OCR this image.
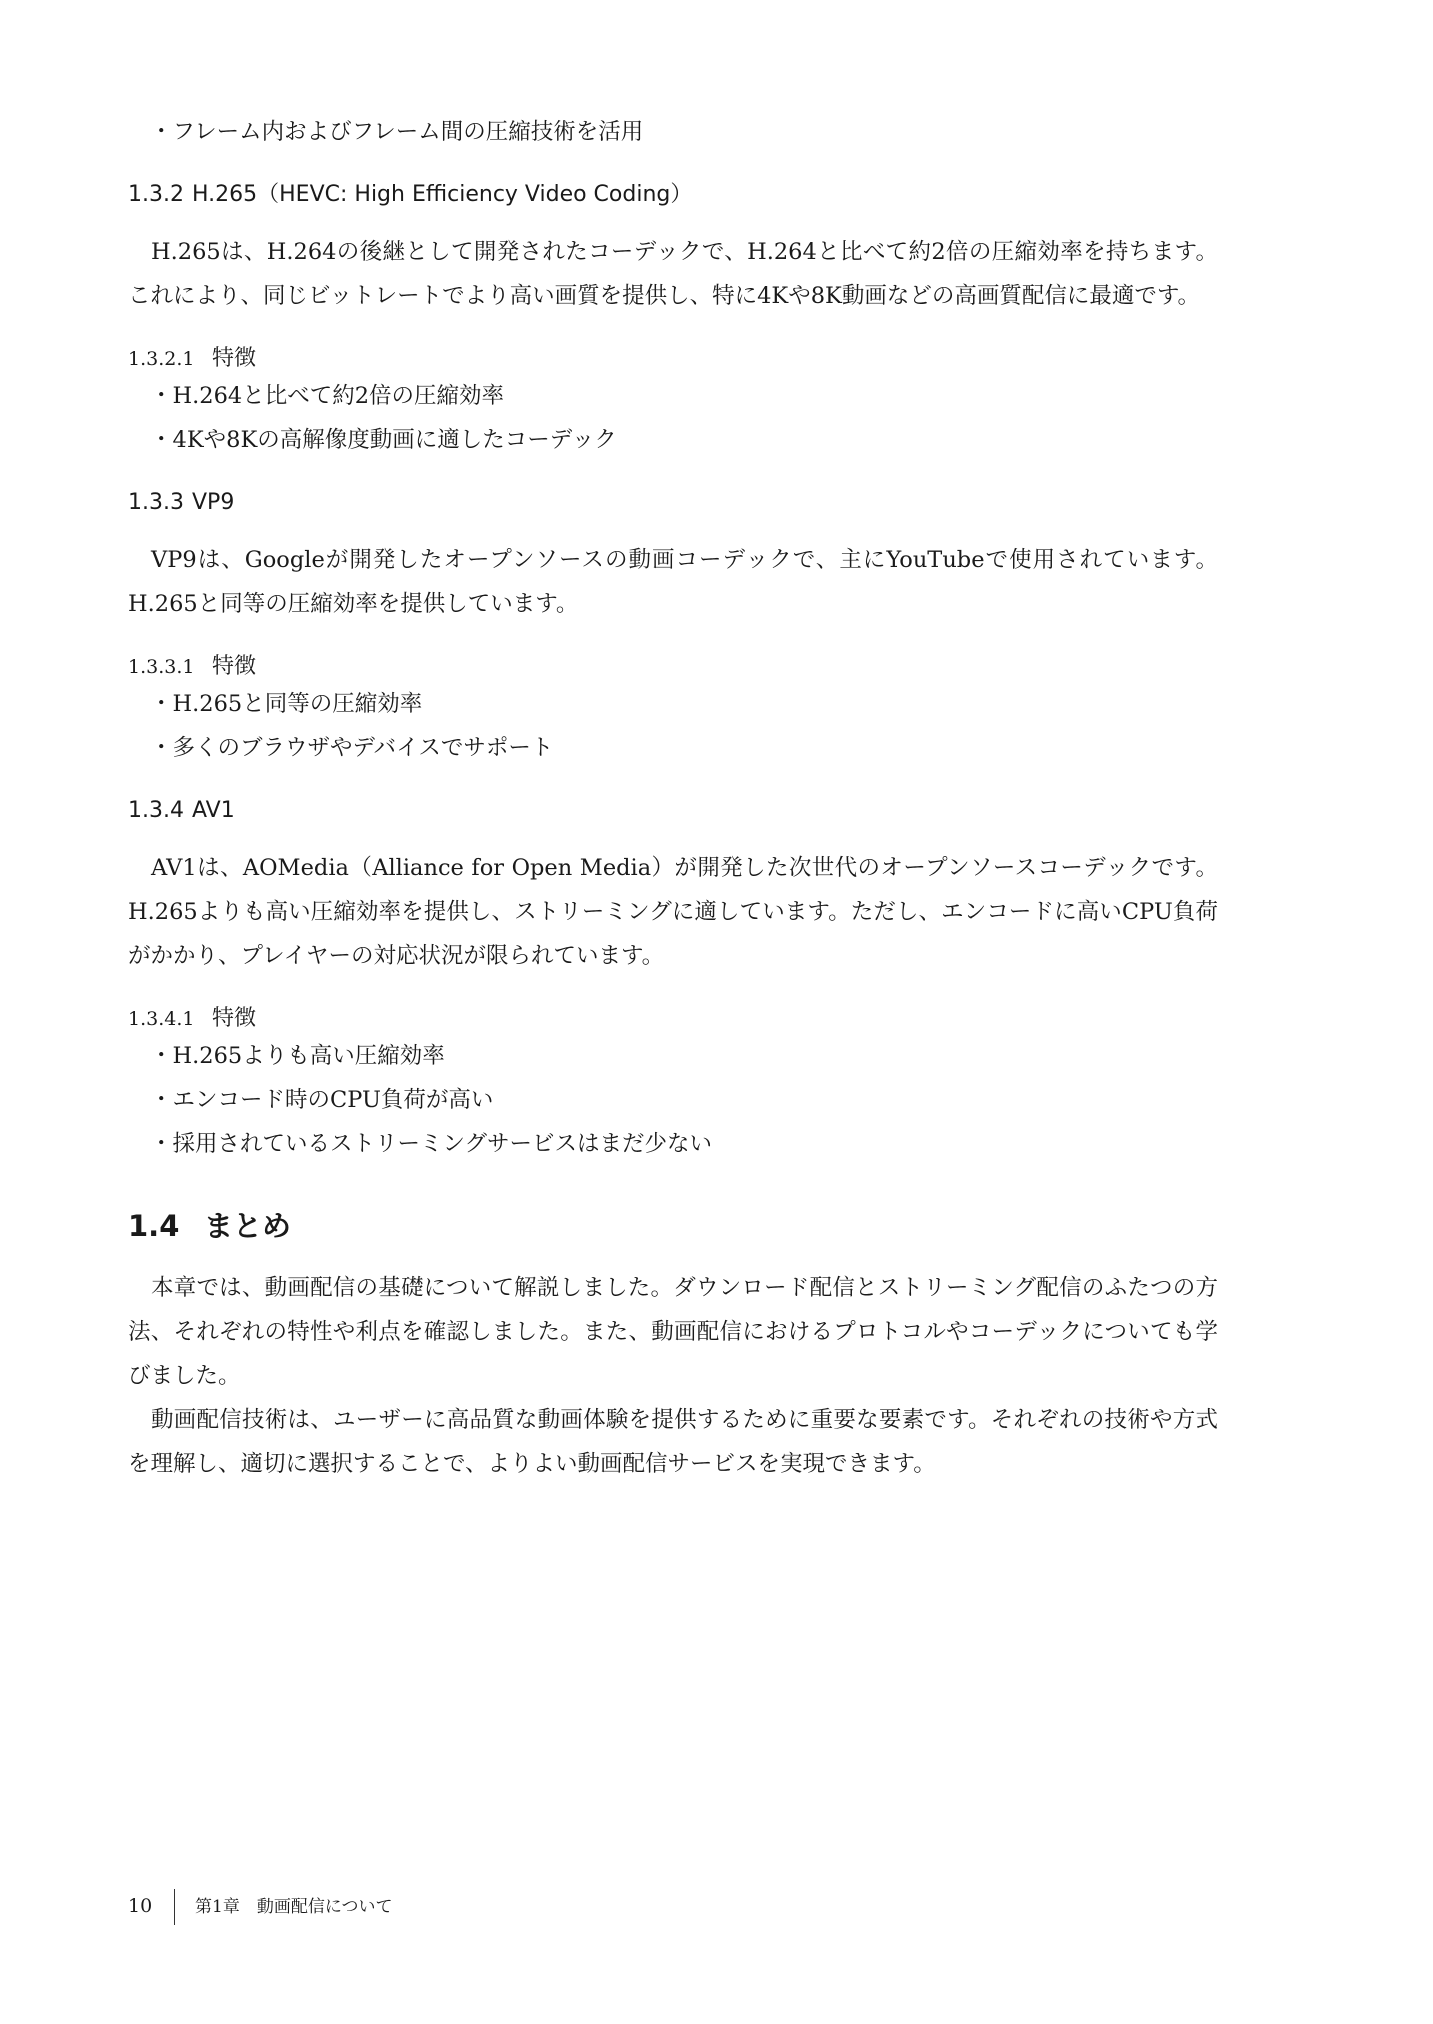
・フレーム内およびフレーム間の圧縮技術を活用
1.3.2 H.265（HEVC: High Efficiency Video Coding）
H.265は、H.264の後継として開発されたコーデックで、H.264と比べて約2倍の圧縮効率を持ちます。これにより、同じビットレートでより高い画質を提供し、特に4Kや8K動画などの高画質配信に最適です。
1.3.2.1 特徴
・H.264と比べて約2倍の圧縮効率
・4Kや8Kの高解像度動画に適したコーデック
1.3.3 VP9
VP9は、Googleが開発したオープンソースの動画コーデックで、主にYouTubeで使用されています。H.265と同等の圧縮効率を提供しています。
1.3.3.1 特徴
・H.265と同等の圧縮効率
・多くのブラウザやデバイスでサポート
1.3.4 AV1
AV1は、AOMedia（Alliance for Open Media）が開発した次世代のオープンソースコーデックです。H.265よりも高い圧縮効率を提供し、ストリーミングに適しています。ただし、エンコードに高いCPU負荷がかかり、プレイヤーの対応状況が限られています。
1.3.4.1 特徴
・H.265よりも高い圧縮効率
・エンコード時のCPU負荷が高い
・採用されているストリーミングサービスはまだ少ない
1.4 まとめ
本章では、動画配信の基礎について解説しました。ダウンロード配信とストリーミング配信のふたつの方法、それぞれの特性や利点を確認しました。また、動画配信におけるプロトコルやコーデックについても学びました。
動画配信技術は、ユーザーに高品質な動画体験を提供するために重要な要素です。それぞれの技術や方式を理解し、適切に選択することで、よりよい動画配信サービスを実現できます。
10	第1章　動画配信について
